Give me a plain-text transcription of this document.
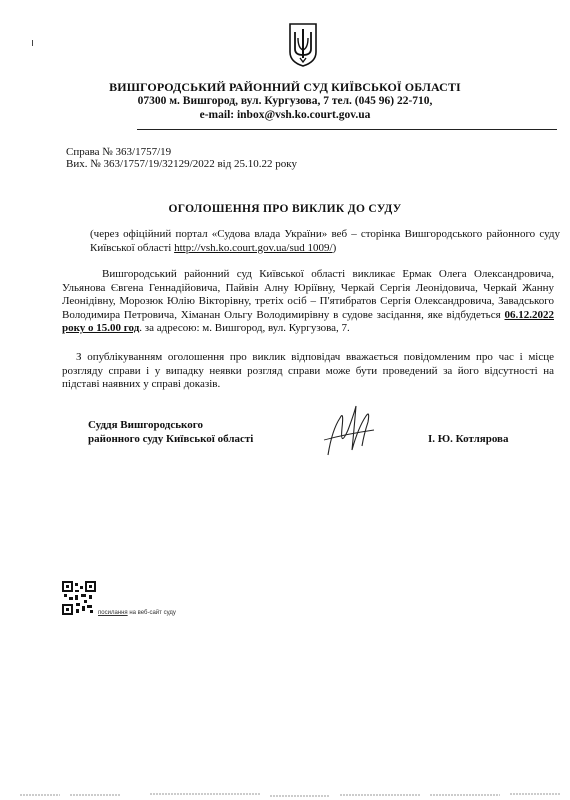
ВИШГОРОДСЬКИЙ РАЙОННИЙ СУД КИЇВСЬКОЇ ОБЛАСТІ
07300 м. Вишгород, вул. Кургузова, 7 тел. (045 96) 22-710,
e-mail: inbox@vsh.ko.court.gov.ua
Справа № 363/1757/19
Вих. № 363/1757/19/32129/2022 від 25.10.22 року
ОГОЛОШЕННЯ ПРО ВИКЛИК ДО СУДУ
(через офіційний портал «Судова влада України» веб – сторінка Вишгородського районного суду Київської області http://vsh.ko.court.gov.ua/sud 1009/)
Вишгородський районний суд Київської області викликає Ермак Олега Олександровича, Ульянова Євгена Геннадійовича, Пайвін Алну Юріївну, Черкай Сергія Леонідовича, Черкай Жанну Леонідівну, Морозюк Юлію Вікторівну, третіх осіб – П'ятибратов Сергія Олександровича, Завадського Володимира Петровича, Хіманан Ольгу Володимирівну в судове засідання, яке відбудеться 06.12.2022 року о 15.00 год. за адресою: м. Вишгород, вул. Кургузова, 7.
З опублікуванням оголошення про виклик відповідач вважається повідомленим про час і місце розгляду справи і у випадку неявки розгляд справи може бути проведений за його відсутності на підставі наявних у справі доказів.
Суддя Вишгородського
районного суду Київської області	І. Ю. Котлярова
посилання на веб-сайт суду
